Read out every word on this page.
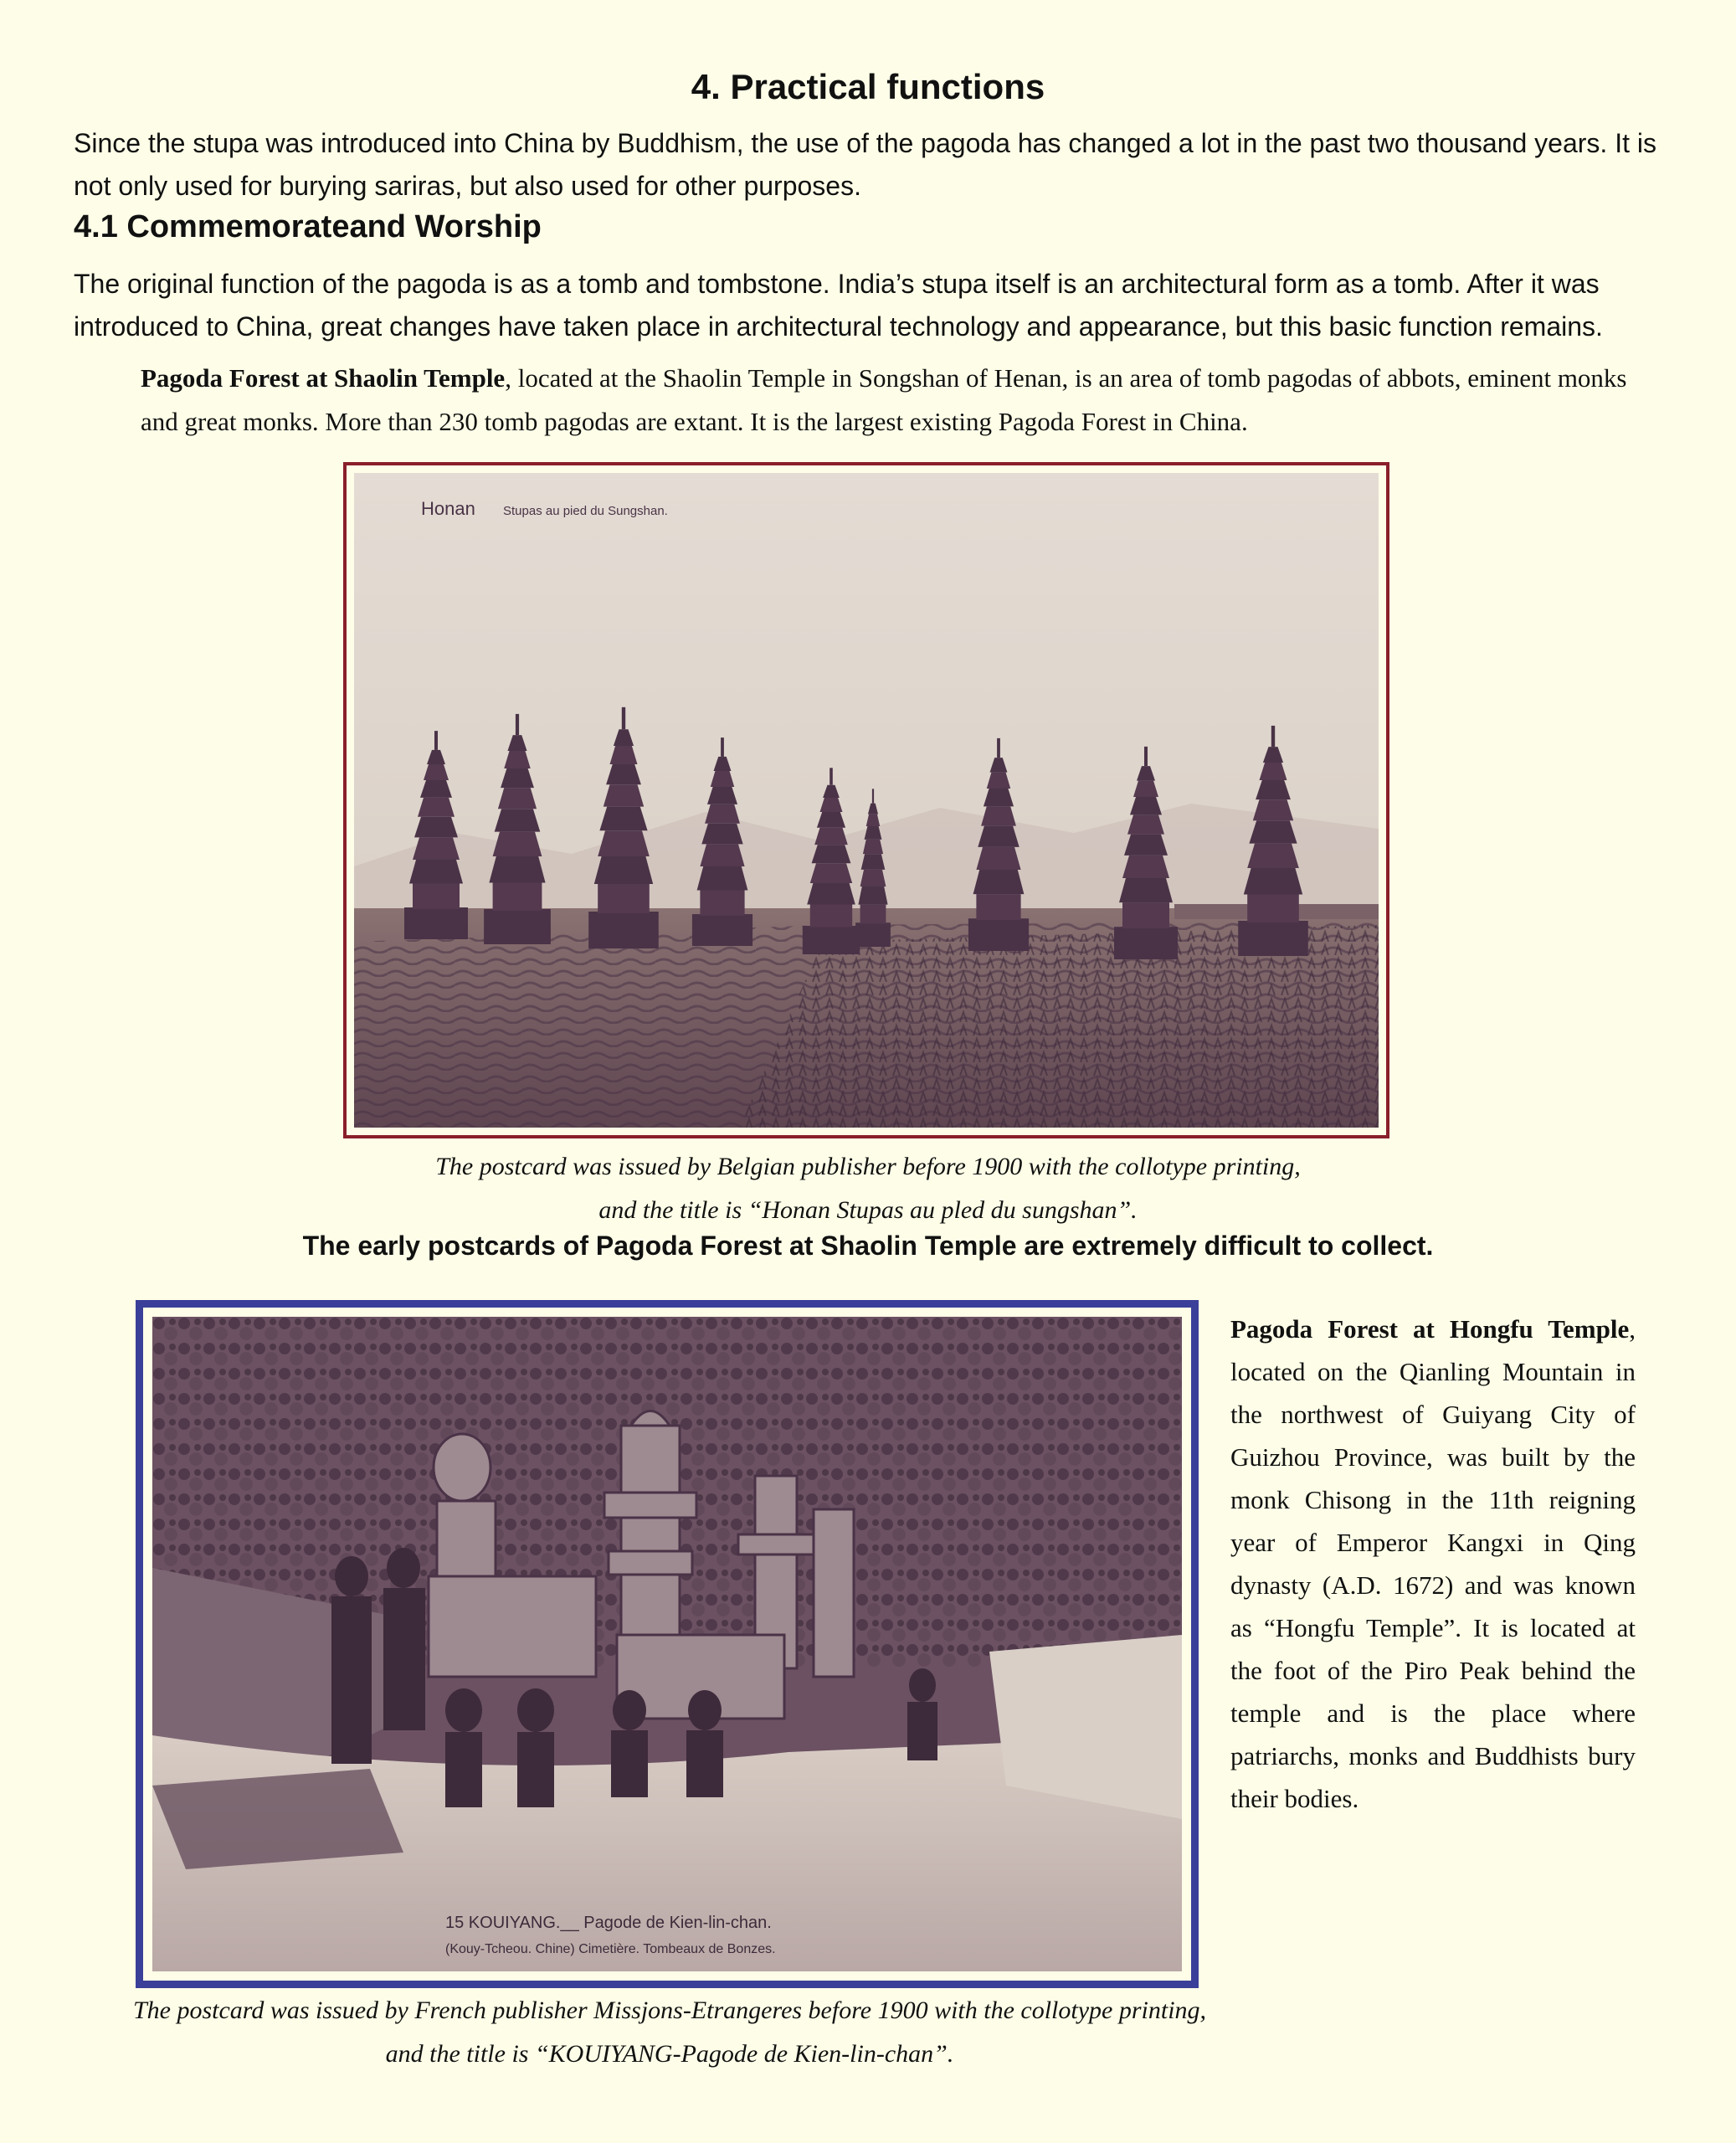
4. Practical functions
Since the stupa was introduced into China by Buddhism, the use of the pagoda has changed a lot in the past two thousand years. It is not only used for burying sariras, but also used for other purposes.
4.1 Commemorateand Worship
The original function of the pagoda is as a tomb and tombstone. India’s stupa itself is an architectural form as a tomb. After it was introduced to China, great changes have taken place in architectural technology and appearance, but this basic function remains.
Pagoda Forest at Shaolin Temple, located at the Shaolin Temple in Songshan of Henan, is an area of tomb pagodas of abbots, eminent monks and great monks. More than 230 tomb pagodas are extant. It is the largest existing Pagoda Forest in China.
Honan Stupas au pied du Sungshan.
The postcard was issued by Belgian publisher before 1900 with the collotype printing,
and the title is “Honan Stupas au pled du sungshan”.
The early postcards of Pagoda Forest at Shaolin Temple are extremely difficult to collect.
15 KOUIYANG.__ Pagode de Kien-lin-chan.
(Kouy-Tcheou. Chine) Cimetière. Tombeaux de Bonzes.
Pagoda Forest at Hongfu Temple, located on the Qianling Mountain in the northwest of Guiyang City of Guizhou Province, was built by the monk Chisong in the 11th reigning year of Emperor Kangxi in Qing dynasty (A.D. 1672) and was known as “Hongfu Temple”. It is located at the foot of the Piro Peak behind the temple and is the place where patriarchs, monks and Buddhists bury their bodies.
The postcard was issued by French publisher Missjons-Etrangeres before 1900 with the collotype printing,
and the title is “KOUIYANG-Pagode de Kien-lin-chan”.
